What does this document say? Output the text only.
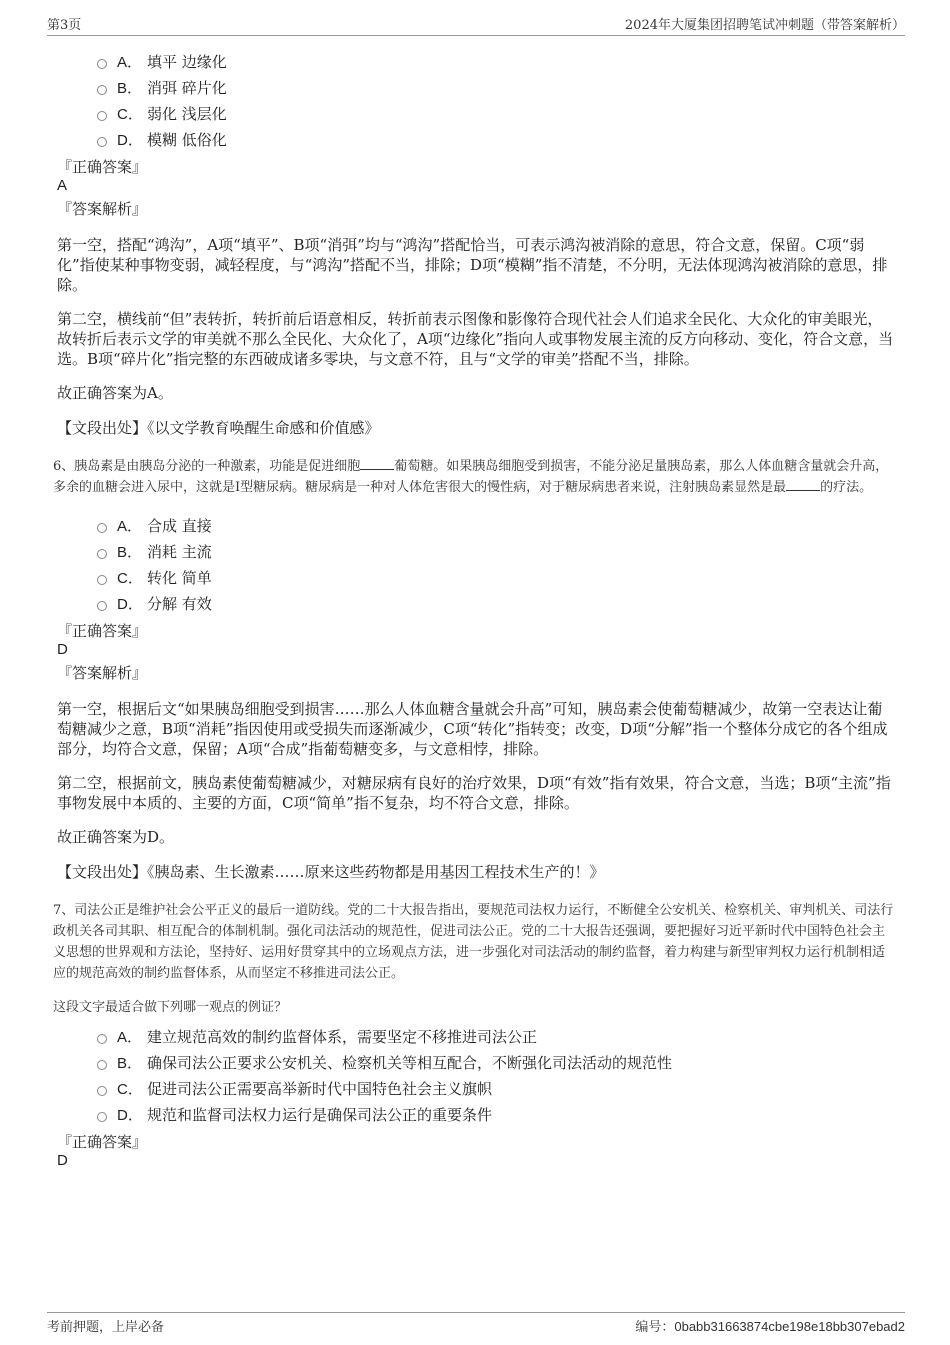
第3页	2024年大厦集团招聘笔试冲刺题（带答案解析）
A． 填平 边缘化
B． 消弭 碎片化
C． 弱化 浅层化
D． 模糊 低俗化
『正确答案』
A
『答案解析』

第一空，搭配“鸿沟”，A项“填平”、B项“消弭”均与“鸿沟”搭配恰当，可表示鸿沟被消除的意思，符合文意，保留。C项“弱化”指使某种事物变弱，减轻程度，与“鸿沟”搭配不当，排除；D项“模糊”指不清楚，不分明，无法体现鸿沟被消除的意思，排除。

第二空，横线前“但”表转折，转折前后语意相反，转折前表示图像和影像符合现代社会人们追求全民化、大众化的审美眼光，故转折后表示文学的审美就不那么全民化、大众化了，A项“边缘化”指向人或事物发展主流的反方向移动、变化，符合文意，当选。B项“碎片化”指完整的东西破成诸多零块，与文意不符，且与“文学的审美”搭配不当，排除。

故正确答案为A。

【文段出处】《以文学教育唤醒生命感和价值感》

6、胰岛素是由胰岛分泌的一种激素，功能是促进细胞	葡萄糖。如果胰岛细胞受到损害，不能分泌足量胰岛素，那么人体血糖含量就会升高，多余的血糖会进入尿中，这就是I型糖尿病。糖尿病是一种对人体危害很大的慢性病，对于糖尿病患者来说，注射胰岛素显然是最	的疗法。
A． 合成 直接
B． 消耗 主流
C． 转化 简单
D． 分解 有效
『正确答案』
D
『答案解析』

第一空，根据后文“如果胰岛细胞受到损害……那么人体血糖含量就会升高”可知，胰岛素会使葡萄糖减少，故第一空表达让葡萄糖减少之意，B项“消耗”指因使用或受损失而逐渐减少，C项“转化”指转变；改变，D项“分解”指一个整体分成它的各个组成部分，均符合文意，保留；A项“合成”指葡萄糖变多，与文意相悖，排除。

第二空，根据前文，胰岛素使葡萄糖减少，对糖尿病有良好的治疗效果，D项“有效”指有效果，符合文意，当选；B项“主流”指事物发展中本质的、主要的方面，C项“简单”指不复杂，均不符合文意，排除。

故正确答案为D。

【文段出处】《胰岛素、生长激素……原来这些药物都是用基因工程技术生产的！》

7、司法公正是维护社会公平正义的最后一道防线。党的二十大报告指出，要规范司法权力运行，不断健全公安机关、检察机关、审判机关、司法行政机关各司其职、相互配合的体制机制。强化司法活动的规范性，促进司法公正。党的二十大报告还强调，要把握好习近平新时代中国特色社会主义思想的世界观和方法论，坚持好、运用好贯穿其中的立场观点方法，进一步强化对司法活动的制约监督，着力构建与新型审判权力运行机制相适应的规范高效的制约监督体系，从而坚定不移推进司法公正。
这段文字最适合做下列哪一观点的例证？
A． 建立规范高效的制约监督体系，需要坚定不移推进司法公正
B． 确保司法公正要求公安机关、检察机关等相互配合，不断强化司法活动的规范性
C． 促进司法公正需要高举新时代中国特色社会主义旗帜
D． 规范和监督司法权力运行是确保司法公正的重要条件
『正确答案』
D
考前押题，上岸必备	编号：0babb31663874cbe198e18bb307ebad2
